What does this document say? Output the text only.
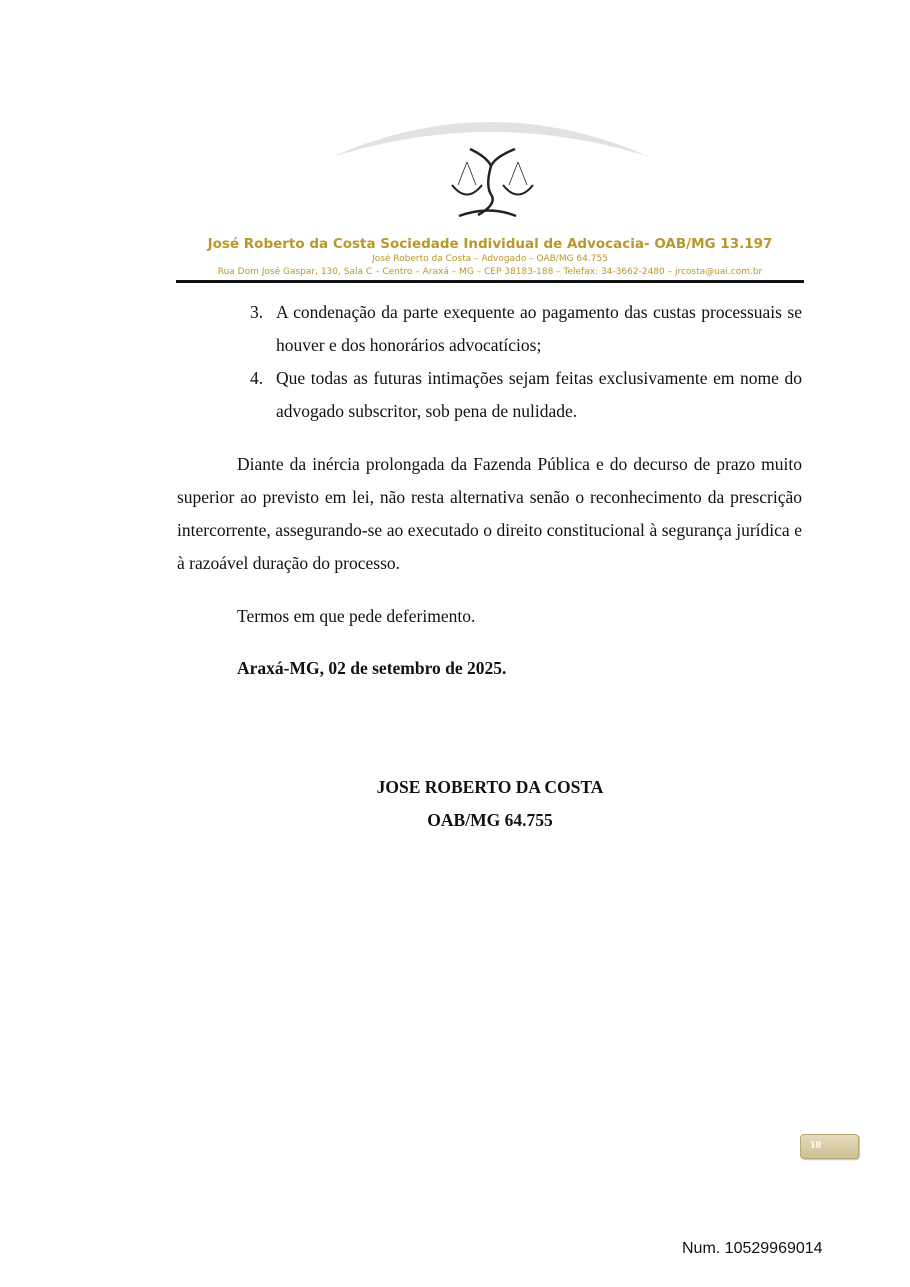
José Roberto da Costa Sociedade Individual de Advocacia- OAB/MG 13.197
José Roberto da Costa – Advogado – OAB/MG 64.755
Rua Dom José Gaspar, 130, Sala C – Centro – Araxá – MG – CEP 38183-188 – Telefax: 34-3662-2480 – jrcosta@uai.com.br
3. A condenação da parte exequente ao pagamento das custas processuais se houver e dos honorários advocatícios;
4. Que todas as futuras intimações sejam feitas exclusivamente em nome do advogado subscritor, sob pena de nulidade.
Diante da inércia prolongada da Fazenda Pública e do decurso de prazo muito superior ao previsto em lei, não resta alternativa senão o reconhecimento da prescrição intercorrente, assegurando-se ao executado o direito constitucional à segurança jurídica e à razoável duração do processo.
Termos em que pede deferimento.
Araxá-MG, 02 de setembro de 2025.
JOSE ROBERTO DA COSTA
OAB/MG 64.755
18
Num. 10529969014
